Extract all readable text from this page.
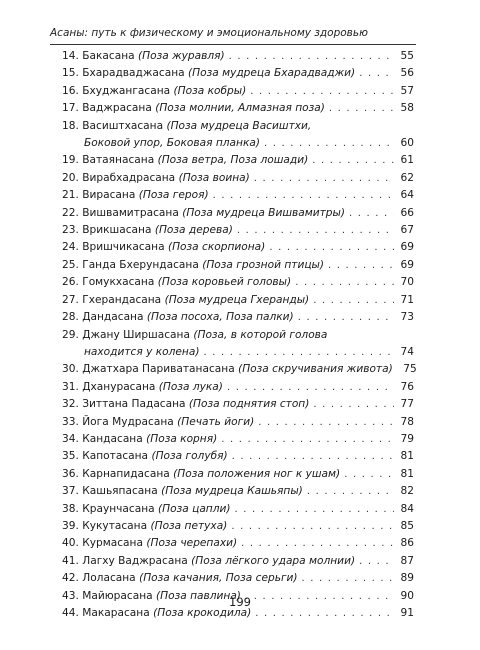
Асаны: путь к физическому и эмоциональному здоровью
14. Бакасана (Поза журавля) . . .	55
15. Бхарадваджасана (Поза мудреца Бхарадваджи) . . .	56
16. Бхуджангасана (Поза кобры) . . .	57
17. Ваджрасана (Поза молнии, Алмазная поза) . . .	58
18. Васиштхасана (Поза мудреца Васиштхи,
Боковой упор, Боковая планка) . . .	60
19. Ватаянасана (Поза ветра, Поза лошади) . . .	61
20. Вирабхадрасана (Поза воина) . . .	62
21. Вирасана (Поза героя) . . .	64
22. Вишвамитрасана (Поза мудреца Вишвамитры) . . .	66
23. Врикшасана (Поза дерева) . . .	67
24. Вришчикасана (Поза скорпиона) . . .	69
25. Ганда Бхерундасана (Поза грозной птицы) . . .	69
26. Гомукхасана (Поза коровьей головы) . . .	70
27. Гхерандасана (Поза мудреца Гхеранды) . . .	71
28. Дандасана (Поза посоха, Поза палки) . . .	73
29. Джану Ширшасана (Поза, в которой голова
находится у колена) . . .	74
30. Джатхара Париватанасана (Поза скручивания живота) 75
31. Дханурасана (Поза лука) . . .	76
32. Зиттана Падасана (Поза поднятия стоп) . . .	77
33. Йога Мудрасана (Печать йоги) . . .	78
34. Кандасана (Поза корня) . . .	79
35. Капотасана (Поза голубя) . . .	81
36. Карнапидасана (Поза положения ног к ушам) . . .	81
37. Кашьяпасана (Поза мудреца Кашьяпы) . . .	82
38. Краунчасана (Поза цапли) . . .	84
39. Кукутасана (Поза петуха) . . .	85
40. Курмасана (Поза черепахи) . . .	86
41. Лагху Ваджрасана (Поза лёгкого удара молнии) . . .	87
42. Лоласана (Поза качания, Поза серьги) . . .	89
43. Майюрасана (Поза павлина) . . .	90
44. Макарасана (Поза крокодила) . . .	91
199
